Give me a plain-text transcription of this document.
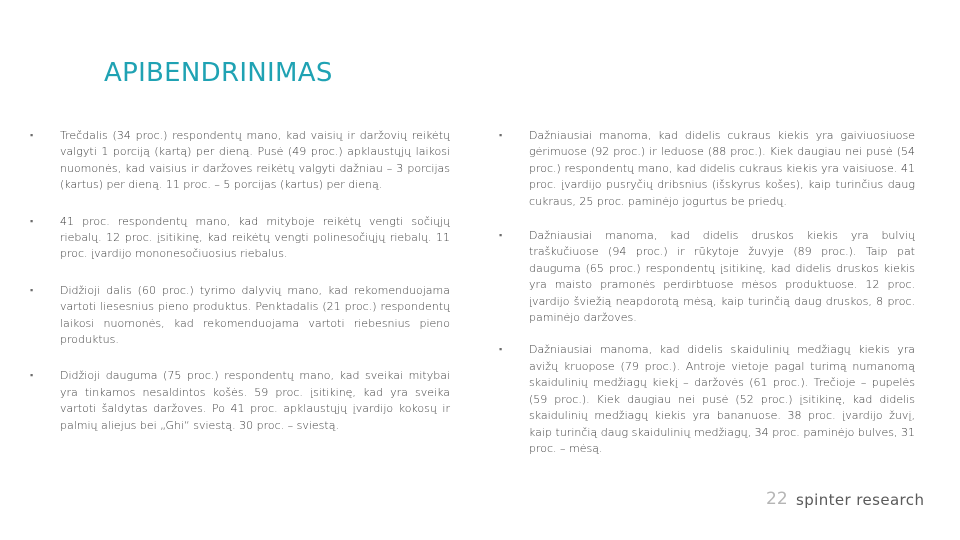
APIBENDRINIMAS
▪	Trečdalis (34 proc.) respondentų mano, kad vaisių ir daržovių reikėtų valgyti 1 porciją (kartą) per dieną. Pusė (49 proc.) apklaustųjų laikosi nuomonės, kad vaisius ir daržoves reikėtų valgyti dažniau – 3 porcijas (kartus) per dieną. 11 proc. – 5 porcijas (kartus) per dieną.
▪	41 proc. respondentų mano, kad mityboje reikėtų vengti sočiųjų riebalų. 12 proc. įsitikinę, kad reikėtų vengti polinesočiųjų riebalų. 11 proc. įvardijo mononesočiuosius riebalus.
▪	Didžioji dalis (60 proc.) tyrimo dalyvių mano, kad rekomenduojama vartoti liesesnius pieno produktus. Penktadalis (21 proc.) respondentų laikosi nuomonės, kad rekomenduojama vartoti riebesnius pieno produktus.
▪	Didžioji dauguma (75 proc.) respondentų mano, kad sveikai mitybai yra tinkamos nesaldintos košės. 59 proc. įsitikinę, kad yra sveika vartoti šaldytas daržoves. Po 41 proc. apklaustųjų įvardijo kokosų ir palmių aliejus bei „Ghi“ sviestą. 30 proc. – sviestą.
▪	Dažniausiai manoma, kad didelis cukraus kiekis yra gaiviuosiuose gėrimuose (92 proc.) ir leduose (88 proc.). Kiek daugiau nei pusė (54 proc.) respondentų mano, kad didelis cukraus kiekis yra vaisiuose. 41 proc. įvardijo pusryčių dribsnius (išskyrus košes), kaip turinčius daug cukraus, 25 proc. paminėjo jogurtus be priedų.
▪	Dažniausiai manoma, kad didelis druskos kiekis yra bulvių traškučiuose (94 proc.) ir rūkytoje žuvyje (89 proc.). Taip pat dauguma (65 proc.) respondentų įsitikinę, kad didelis druskos kiekis yra maisto pramonės perdirbtuose mėsos produktuose. 12 proc. įvardijo šviežią neapdorotą mėsą, kaip turinčią daug druskos, 8 proc. paminėjo daržoves.
▪	Dažniausiai manoma, kad didelis skaidulinių medžiagų kiekis yra avižų kruopose (79 proc.). Antroje vietoje pagal turimą numanomą skaidulinių medžiagų kiekį – daržovės (61 proc.). Trečioje – pupelės (59 proc.). Kiek daugiau nei pusė (52 proc.) įsitikinę, kad didelis skaidulinių medžiagų kiekis yra bananuose. 38 proc. įvardijo žuvį, kaip turinčią daug skaidulinių medžiagų, 34 proc. paminėjo bulves, 31 proc. – mėsą.
22 spinter research
